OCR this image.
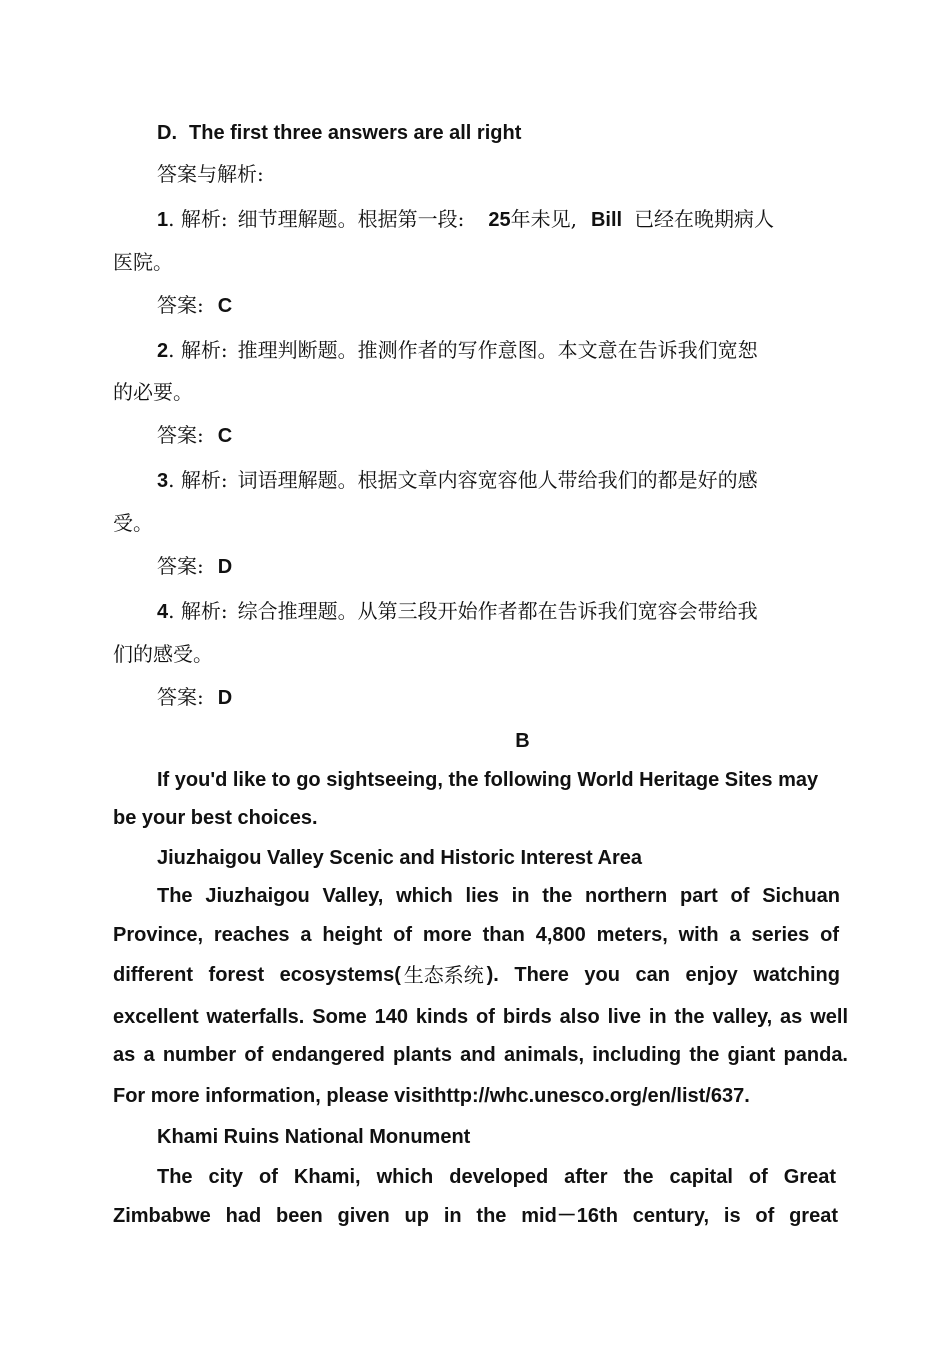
D. The first three answers are all right
答案与解析:
1. 解析: 细节理解题。根据第一段: 25年未见, Bill 已经在晚期病人
医院。
答案: C
2. 解析: 推理判断题。推测作者的写作意图。本文意在告诉我们宽恕
的必要。
答案: C
3. 解析: 词语理解题。根据文章内容宽容他人带给我们的都是好的感
受。
答案: D
4. 解析: 综合推理题。从第三段开始作者都在告诉我们宽容会带给我
们的感受。
答案: D
B
If you'd like to go sightseeing, the following World Heritage Sites may
be your best choices.
Jiuzhaigou Valley Scenic and Historic Interest Area
The Jiuzhaigou Valley, which lies in the northern part of Sichuan
Province, reaches a height of more than 4,800 meters, with a series of
different forest ecosystems( 生态系统 ). There you can enjoy watching
excellent waterfalls. Some 140 kinds of birds also live in the valley, as well
as a number of endangered plants and animals, including the giant panda.
For more information, please visithttp://whc.unesco.org/en/list/637.
Khami Ruins National Monument
The city of Khami, which developed after the capital of Great
Zimbabwe had been given up in the mid－16th century, is of great
